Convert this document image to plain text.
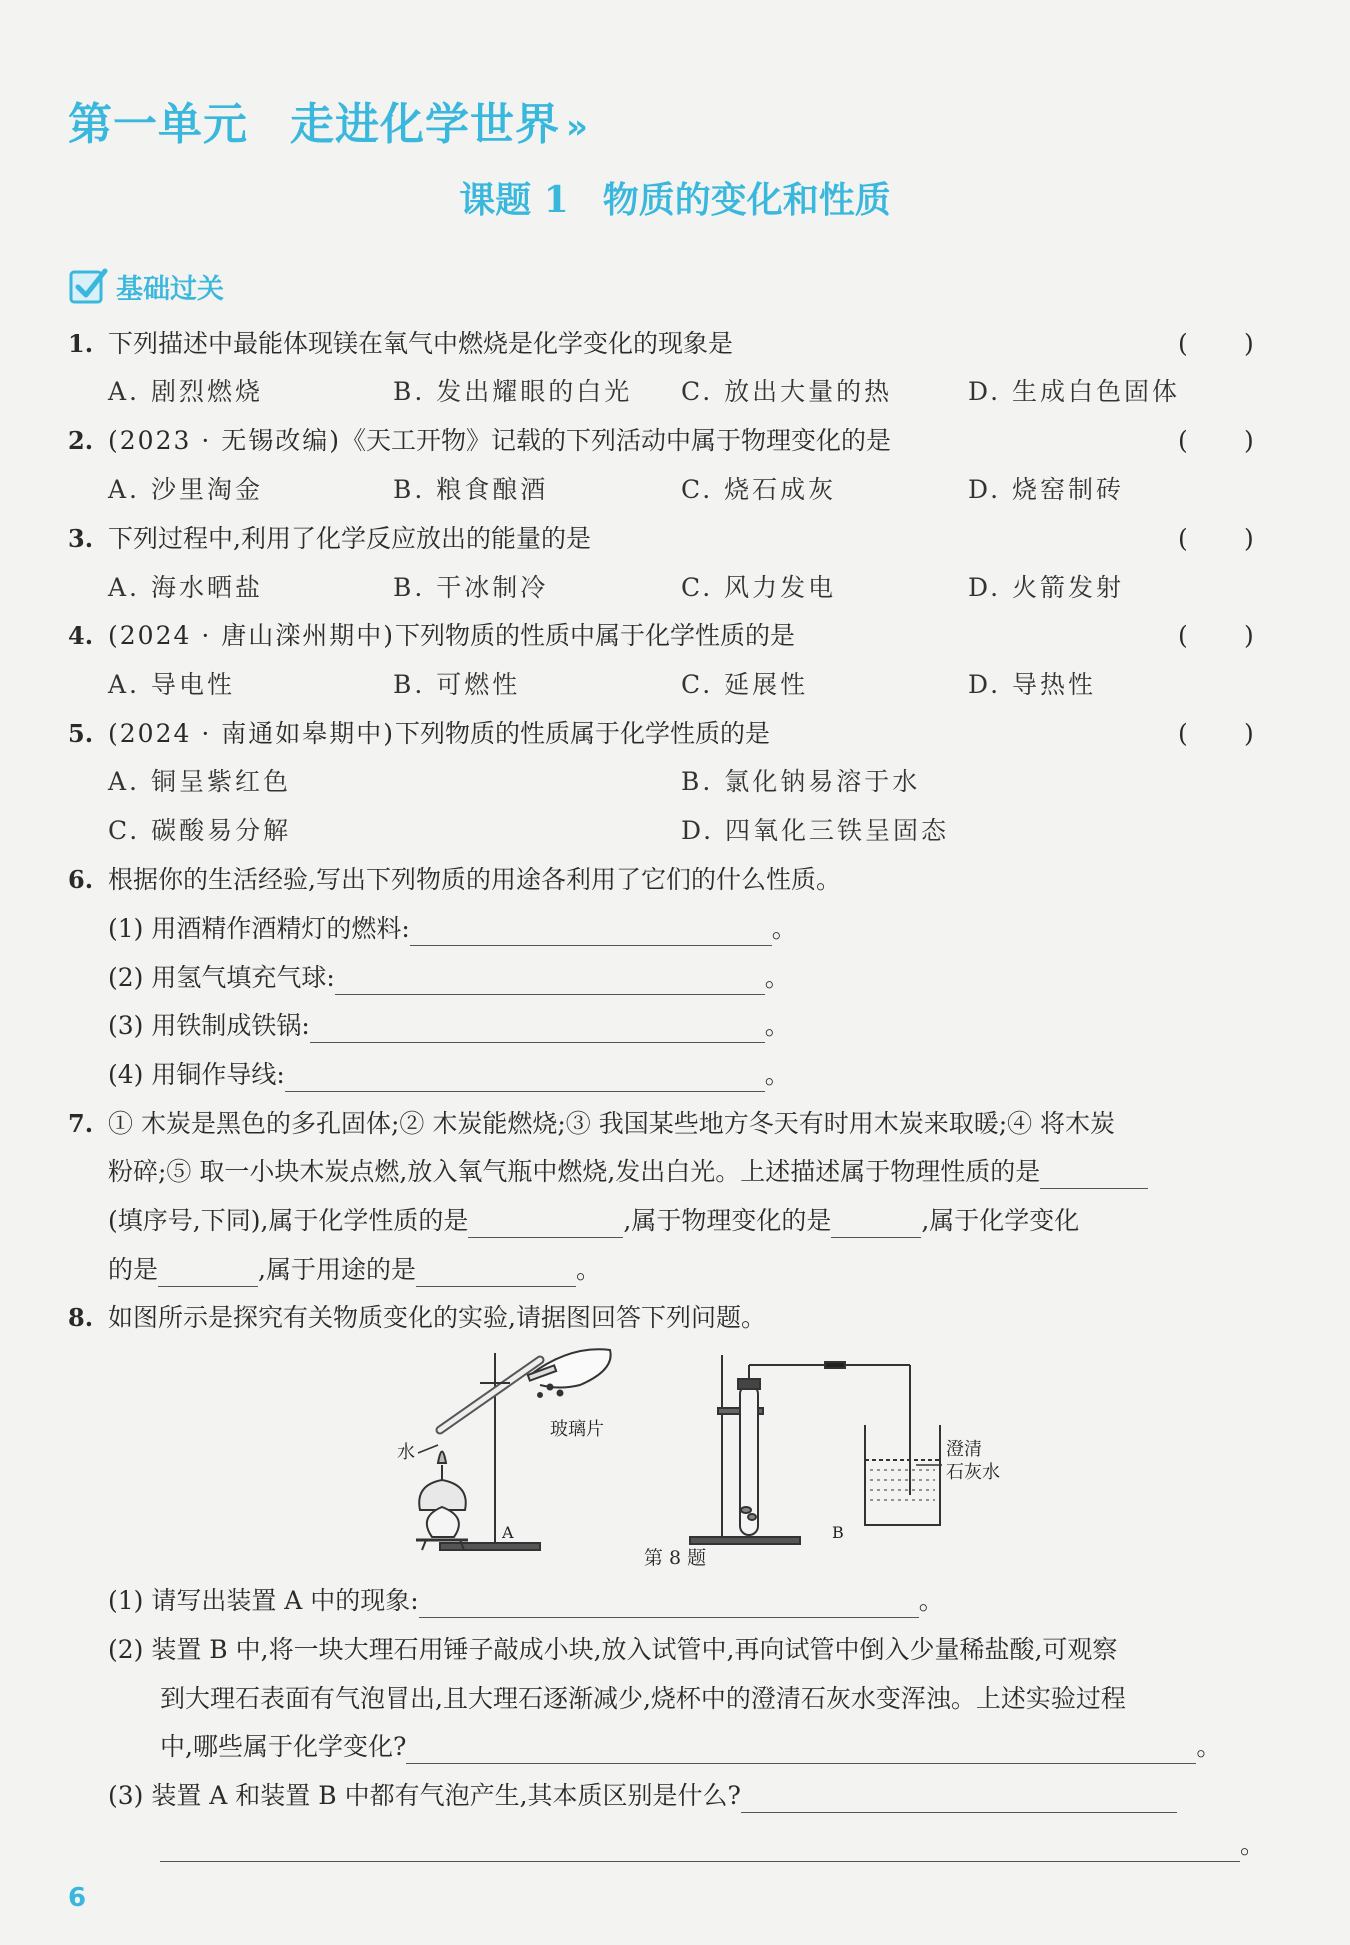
第一单元 走进化学世界 »
课题 1 物质的变化和性质
基础过关
1. 下列描述中最能体现镁在氧气中燃烧是化学变化的现象是	( )
A. 剧烈燃烧	B. 发出耀眼的白光 C. 放出大量的热	D. 生成白色固体
2. (2023 · 无锡改编)《天工开物》记载的下列活动中属于物理变化的是	( )
A. 沙里淘金	B. 粮食酿酒	C. 烧石成灰	D. 烧窑制砖
3. 下列过程中,利用了化学反应放出的能量的是	( )
A. 海水晒盐	B. 干冰制冷	C. 风力发电	D. 火箭发射
4. (2024 · 唐山滦州期中)下列物质的性质中属于化学性质的是	( )
A. 导电性	B. 可燃性	C. 延展性	D. 导热性
5. (2024 · 南通如皋期中)下列物质的性质属于化学性质的是	( )
A. 铜呈紫红色	B. 氯化钠易溶于水
C. 碳酸易分解	D. 四氧化三铁呈固态
6. 根据你的生活经验,写出下列物质的用途各利用了它们的什么性质。
(1) 用酒精作酒精灯的燃料:	。
(2) 用氢气填充气球:	。
(3) 用铁制成铁锅:	。
(4) 用铜作导线:	。
7. ① 木炭是黑色的多孔固体;② 木炭能燃烧;③ 我国某些地方冬天有时用木炭来取暖;④ 将木炭
粉碎;⑤ 取一小块木炭点燃,放入氧气瓶中燃烧,发出白光。上述描述属于物理性质的是
(填序号,下同),属于化学性质的是	,属于物理变化的是	,属于化学变化
的是	,属于用途的是	。
8. 如图所示是探究有关物质变化的实验,请据图回答下列问题。
水
玻璃片
A
澄清
石灰水
B
第 8 题
(1) 请写出装置 A 中的现象:	。
(2) 装置 B 中,将一块大理石用锤子敲成小块,放入试管中,再向试管中倒入少量稀盐酸,可观察
到大理石表面有气泡冒出,且大理石逐渐减少,烧杯中的澄清石灰水变浑浊。上述实验过程
中,哪些属于化学变化?	。
(3) 装置 A 和装置 B 中都有气泡产生,其本质区别是什么?
。
6
